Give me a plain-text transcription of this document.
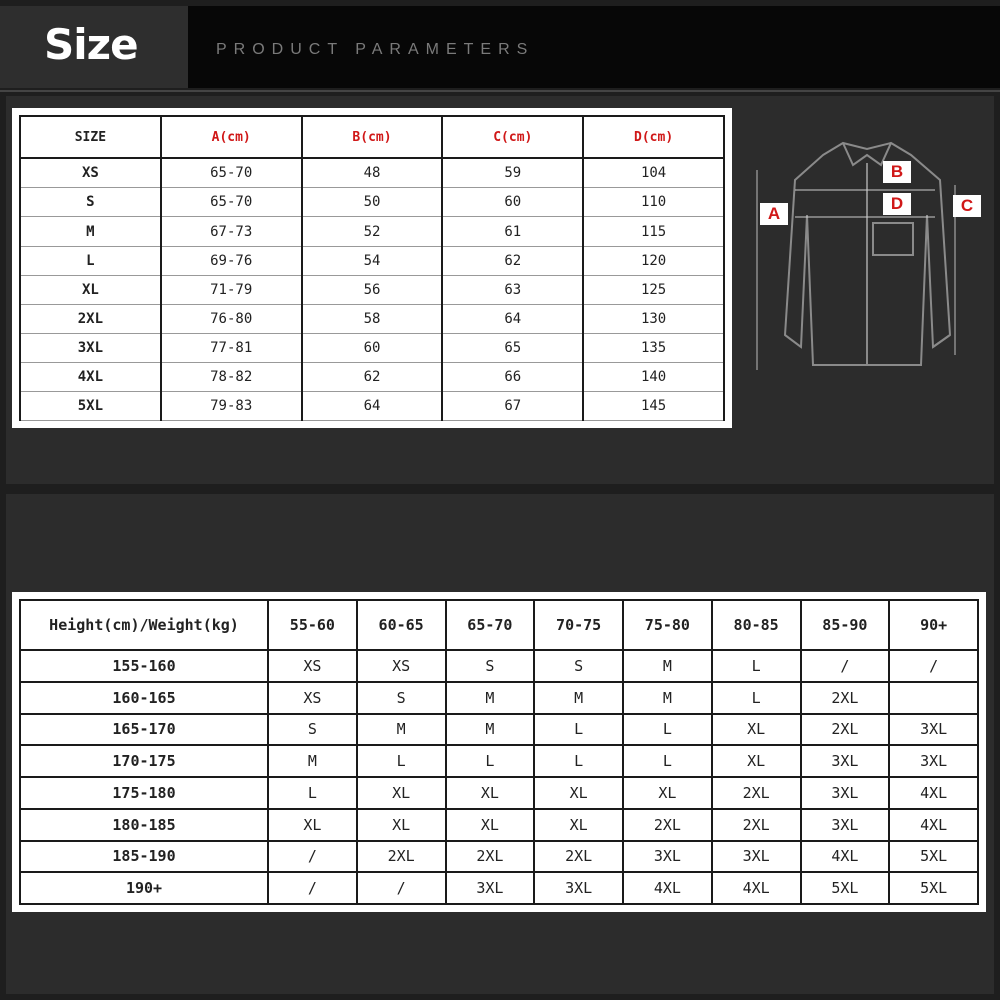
Size	PRODUCT PARAMETERS
SIZE	A(cm)	B(cm)	C(cm)	D(cm)
XS	65-70	48	59	104
S	65-70	50	60	110
M	67-73	52	61	115
L	69-76	54	62	120
XL	71-79	56	63	125
2XL	76-80	58	64	130
3XL	77-81	60	65	135
4XL	78-82	62	66	140
5XL	79-83	64	67	145
A
B
D	C
Height(cm)/Weight(kg)	55-60	60-65	65-70	70-75	75-80	80-85	85-90	90+
155-160	XS	XS	S	S	M	L	/	/
160-165	XS	S	M	M	M	L	2XL	
165-170	S	M	M	L	L	XL	2XL	3XL
170-175	M	L	L	L	L	XL	3XL	3XL
175-180	L	XL	XL	XL	XL	2XL	3XL	4XL
180-185	XL	XL	XL	XL	2XL	2XL	3XL	4XL
185-190	/	2XL	2XL	2XL	3XL	3XL	4XL	5XL
190+	/	/	3XL	3XL	4XL	4XL	5XL	5XL
